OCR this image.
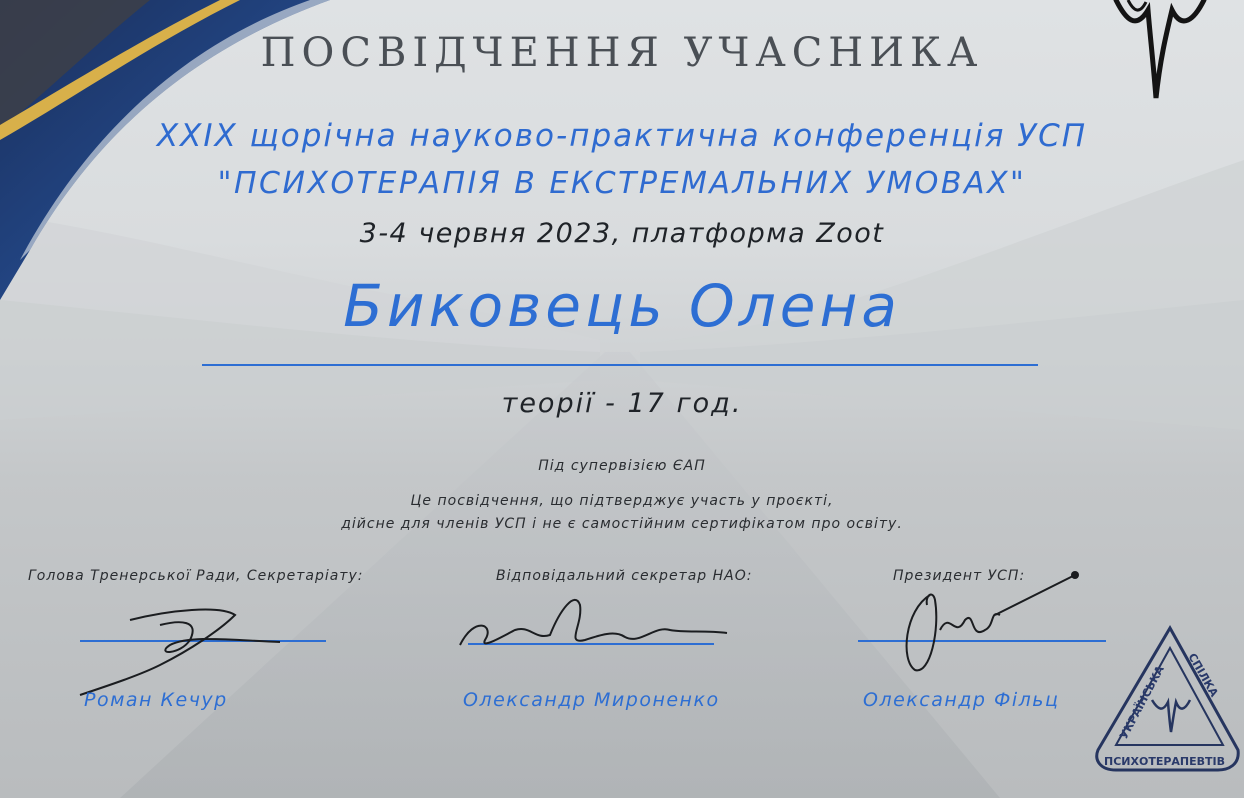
ПОСВІДЧЕННЯ УЧАСНИКА
XXIX щорічна науково-практична конференція УСП
"ПСИХОТЕРАПІЯ В ЕКСТРЕМАЛЬНИХ УМОВАХ"
3-4 червня 2023, платформа Zoot
Биковець Олена
теорії - 17 год.
Під супервізією ЄАП
Це посвідчення, що підтверджує участь у проєкті,
дійсне для членів УСП і не є самостійним сертифікатом про освіту.
Голова Тренерської Ради, Секретаріату:
Роман Кечур
Відповідальний секретар НАО:
Олександр Мироненко
Президент УСП:
Олександр Фільц	УКРАЇНСЬКА СПІЛКА
ПСИХОТЕРАПЕВТІВ
